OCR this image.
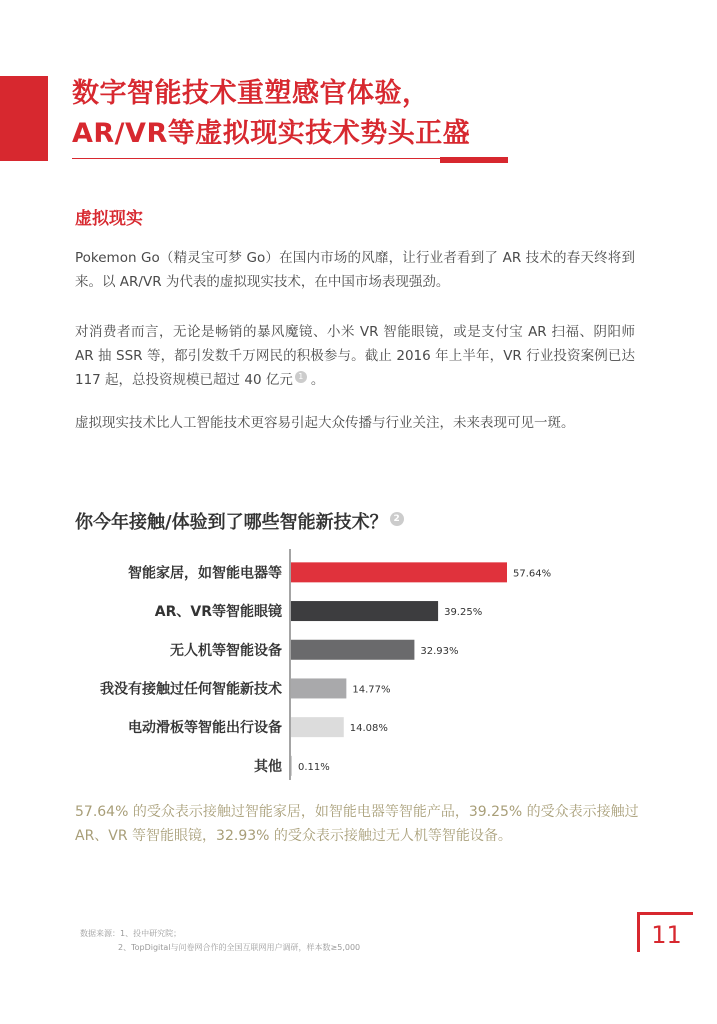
数字智能技术重塑感官体验，
AR/VR等虚拟现实技术势头正盛
虚拟现实

Pokemon Go（精灵宝可梦 Go）在国内市场的风靡，让行业者看到了 AR 技术的春天终将到来。以 AR/VR 为代表的虚拟现实技术，在中国市场表现强劲。

对消费者而言，无论是畅销的暴风魔镜、小米 VR 智能眼镜，或是支付宝 AR 扫福、阴阳师 AR 抽 SSR 等，都引发数千万网民的积极参与。截止 2016 年上半年，VR 行业投资案例已达 117 起，总投资规模已超过 40 亿元 1 。

虚拟现实技术比人工智能技术更容易引起大众传播与行业关注，未来表现可见一斑。

你今年接触/体验到了哪些智能新技术？ 2
智能家居，如智能电器等	57.64%
AR、VR等智能眼镜	39.25%
无人机等智能设备	32.93%
我没有接触过任何智能新技术	14.77%
电动滑板等智能出行设备	14.08%
其他 0.11%

57.64% 的受众表示接触过智能家居，如智能电器等智能产品，39.25% 的受众表示接触过 AR、VR 等智能眼镜，32.93% 的受众表示接触过无人机等智能设备。

数据来源：1、投中研究院；
2、TopDigital与问卷网合作的全国互联网用户调研，样本数≥5,000	11
